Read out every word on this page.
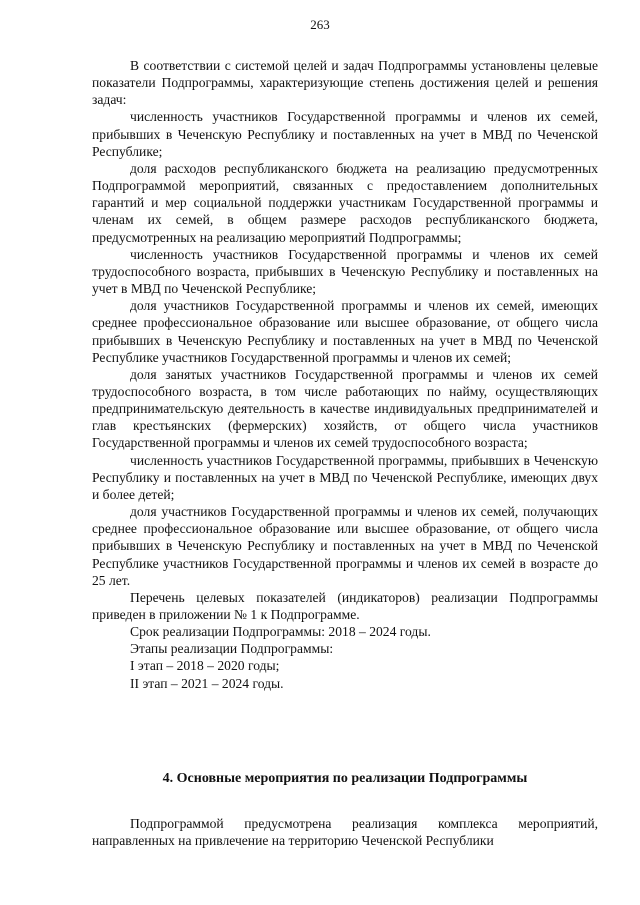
263

В соответствии с системой целей и задач Подпрограммы установлены целевые показатели Подпрограммы, характеризующие степень достижения целей и решения задач:

численность участников Государственной программы и членов их семей, прибывших в Чеченскую Республику и поставленных на учет в МВД по Чеченской Республике;

доля расходов республиканского бюджета на реализацию предусмотренных Подпрограммой мероприятий, связанных с предоставлением дополнительных гарантий и мер социальной поддержки участникам Государственной программы и членам их семей, в общем размере расходов республиканского бюджета, предусмотренных на реализацию мероприятий Подпрограммы;

численность участников Государственной программы и членов их семей трудоспособного возраста, прибывших в Чеченскую Республику и поставленных на учет в МВД по Чеченской Республике;

доля участников Государственной программы и членов их семей, имеющих среднее профессиональное образование или высшее образование, от общего числа прибывших в Чеченскую Республику и поставленных на учет в МВД по Чеченской Республике участников Государственной программы и членов их семей;

доля занятых участников Государственной программы и членов их семей трудоспособного возраста, в том числе работающих по найму, осуществляющих предпринимательскую деятельность в качестве индивидуальных предпринимателей и глав крестьянских (фермерских) хозяйств, от общего числа участников Государственной программы и членов их семей трудоспособного возраста;

численность участников Государственной программы, прибывших в Чеченскую Республику и поставленных на учет в МВД по Чеченской Республике, имеющих двух и более детей;

доля участников Государственной программы и членов их семей, получающих среднее профессиональное образование или высшее образование, от общего числа прибывших в Чеченскую Республику и поставленных на учет в МВД по Чеченской Республике участников Государственной программы и членов их семей в возрасте до 25 лет.

Перечень целевых показателей (индикаторов) реализации Подпрограммы приведен в приложении № 1 к Подпрограмме.

Срок реализации Подпрограммы: 2018 – 2024 годы.

Этапы реализации Подпрограммы:

I этап – 2018 – 2020 годы;

II этап – 2021 – 2024 годы.

4. Основные мероприятия по реализации Подпрограммы

Подпрограммой предусмотрена реализация комплекса мероприятий, направленных на привлечение на территорию Чеченской Республики
